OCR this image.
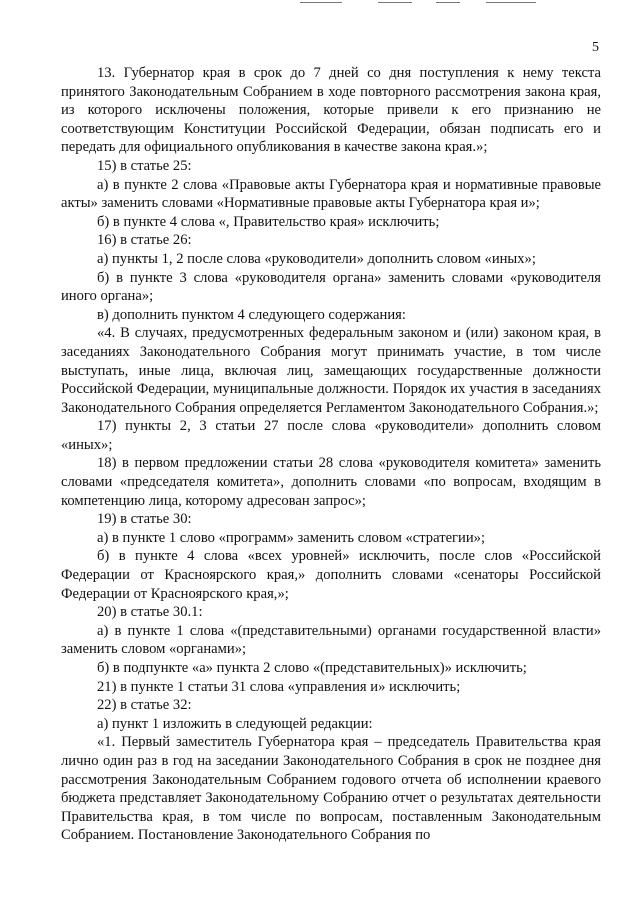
5

13. Губернатор края в срок до 7 дней со дня поступления к нему текста принятого Законодательным Собранием в ходе повторного рассмотрения закона края, из которого исключены положения, которые привели к его признанию не соответствующим Конституции Российской Федерации, обязан подписать его и передать для официального опубликования в качестве закона края.»;

15) в статье 25:

а) в пункте 2 слова «Правовые акты Губернатора края и нормативные правовые акты» заменить словами «Нормативные правовые акты Губернатора края и»;

б) в пункте 4 слова «, Правительство края» исключить;

16) в статье 26:

а) пункты 1, 2 после слова «руководители» дополнить словом «иных»;

б) в пункте 3 слова «руководителя органа» заменить словами «руководителя иного органа»;

в) дополнить пунктом 4 следующего содержания:

«4. В случаях, предусмотренных федеральным законом и (или) законом края, в заседаниях Законодательного Собрания могут принимать участие, в том числе выступать, иные лица, включая лиц, замещающих государственные должности Российской Федерации, муниципальные должности. Порядок их участия в заседаниях Законодательного Собрания определяется Регламентом Законодательного Собрания.»;

17) пункты 2, 3 статьи 27 после слова «руководители» дополнить словом «иных»;

18) в первом предложении статьи 28 слова «руководителя комитета» заменить словами «председателя комитета», дополнить словами «по вопросам, входящим в компетенцию лица, которому адресован запрос»;

19) в статье 30:

а) в пункте 1 слово «программ» заменить словом «стратегии»;

б) в пункте 4 слова «всех уровней» исключить, после слов «Российской Федерации от Красноярского края,» дополнить словами «сенаторы Российской Федерации от Красноярского края,»;

20) в статье 30.1:

а) в пункте 1 слова «(представительными) органами государственной власти» заменить словом «органами»;

б) в подпункте «а» пункта 2 слово «(представительных)» исключить;

21) в пункте 1 статьи 31 слова «управления и» исключить;

22) в статье 32:

а) пункт 1 изложить в следующей редакции:

«1. Первый заместитель Губернатора края – председатель Правительства края лично один раз в год на заседании Законодательного Собрания в срок не позднее дня рассмотрения Законодательным Собранием годового отчета об исполнении краевого бюджета представляет Законодательному Собранию отчет о результатах деятельности Правительства края, в том числе по вопросам, поставленным Законодательным Собранием. Постановление Законодательного Собрания по
